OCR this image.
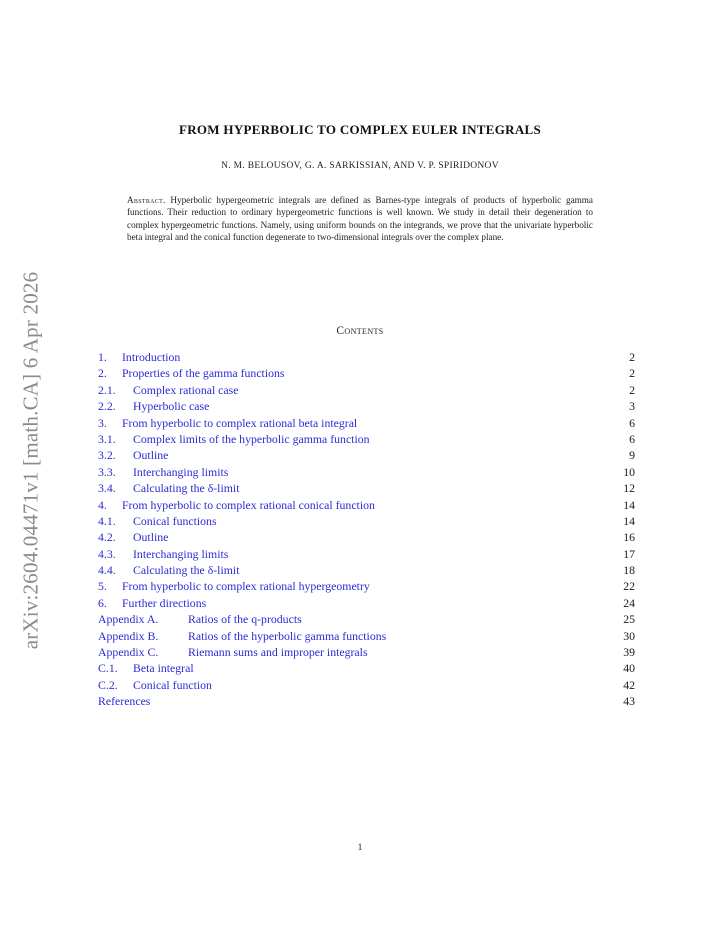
arXiv:2604.04471v1 [math.CA] 6 Apr 2026
FROM HYPERBOLIC TO COMPLEX EULER INTEGRALS
N. M. BELOUSOV, G. A. SARKISSIAN, AND V. P. SPIRIDONOV
Abstract. Hyperbolic hypergeometric integrals are defined as Barnes-type integrals of products of hyperbolic gamma functions. Their reduction to ordinary hypergeometric functions is well known. We study in detail their degeneration to complex hypergeometric functions. Namely, using uniform bounds on the integrands, we prove that the univariate hyperbolic beta integral and the conical function degenerate to two-dimensional integrals over the complex plane.
Contents
1. Introduction	2
2. Properties of the gamma functions	2
2.1. Complex rational case	2
2.2. Hyperbolic case	3
3. From hyperbolic to complex rational beta integral	6
3.1. Complex limits of the hyperbolic gamma function	6
3.2. Outline	9
3.3. Interchanging limits	10
3.4. Calculating the δ-limit	12
4. From hyperbolic to complex rational conical function	14
4.1. Conical functions	14
4.2. Outline	16
4.3. Interchanging limits	17
4.4. Calculating the δ-limit	18
5. From hyperbolic to complex rational hypergeometry	22
6. Further directions	24
Appendix A.	Ratios of the q-products	25
Appendix B.	Ratios of the hyperbolic gamma functions	30
Appendix C.	Riemann sums and improper integrals	39
C.1. Beta integral	40
C.2. Conical function	42
References	43
1
